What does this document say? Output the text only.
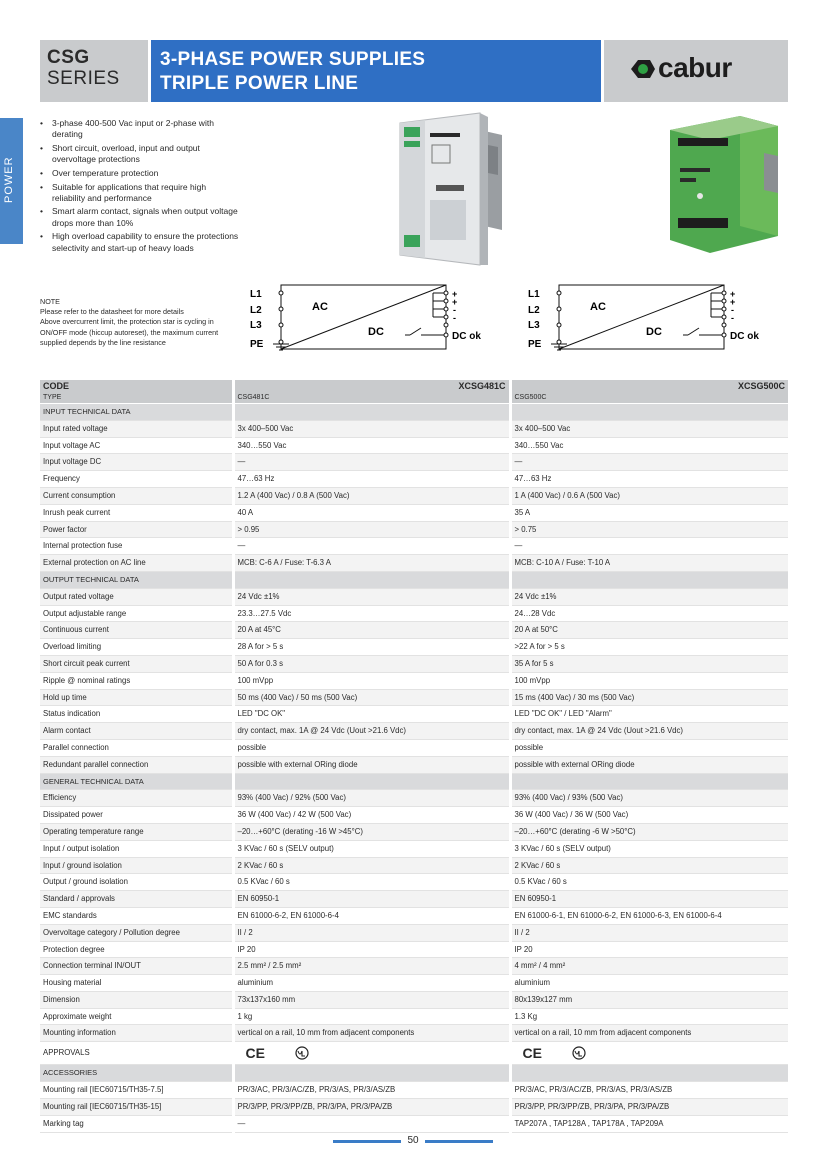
CSG
SERIES
3-PHASE POWER SUPPLIES
TRIPLE POWER LINE
cabur
POWER
• 3-phase 400-500 Vac input or 2-phase with derating
• Short circuit, overload, input and output overvoltage protections
• Over temperature protection
• Suitable for applications that require high reliability and performance
• Smart alarm contact, signals when output voltage drops more than 10%
• High overload capability to ensure the protections selectivity and start-up of heavy loads
NOTE
Please refer to the datasheet for more details
Above overcurrent limit, the protection star is cycling in
ON/OFF mode (hiccup autoreset), the maximum current
supplied depends by the line resistance
L1
L2
L3
PE
AC
DC
+
+
-
-
DC ok
L1
L2
L3
PE
AC
DC
+
+
-
-
DC ok
CODE	XCSG481C	XCSG500C
TYPE	CSG481C	CSG500C
INPUT TECHNICAL DATA		
Input rated voltage	3x 400–500 Vac	3x 400–500 Vac
Input voltage AC	340…550 Vac	340…550 Vac
Input voltage DC	—	—
Frequency	47…63 Hz	47…63 Hz
Current consumption	1.2 A (400 Vac) / 0.8 A (500 Vac)	1 A (400 Vac) / 0.6 A (500 Vac)
Inrush peak current	40 A	35 A
Power factor	> 0.95	> 0.75
Internal protection fuse	—	—
External protection on AC line	MCB: C-6 A / Fuse: T-6.3 A	MCB: C-10 A / Fuse: T-10 A
OUTPUT TECHNICAL DATA		
Output rated voltage	24 Vdc ±1%	24 Vdc ±1%
Output adjustable range	23.3…27.5 Vdc	24…28 Vdc
Continuous current	20 A at 45°C	20 A at 50°C
Overload limiting	28 A for > 5 s	>22 A for > 5 s
Short circuit peak current	50 A for 0.3 s	35 A for 5 s
Ripple @ nominal ratings	100 mVpp	100 mVpp
Hold up time	50 ms (400 Vac) / 50 ms (500 Vac)	15 ms (400 Vac) / 30 ms (500 Vac)
Status indication	LED "DC OK"	LED "DC OK" / LED "Alarm"
Alarm contact	dry contact, max. 1A @ 24 Vdc (Uout >21.6 Vdc)	dry contact, max. 1A @ 24 Vdc (Uout >21.6 Vdc)
Parallel connection	possible	possible
Redundant parallel connection	possible with external ORing diode	possible with external ORing diode
GENERAL TECHNICAL DATA		
Efficiency	93% (400 Vac) / 92% (500 Vac)	93% (400 Vac) / 93% (500 Vac)
Dissipated power	36 W (400 Vac) / 42 W (500 Vac)	36 W (400 Vac) / 36 W (500 Vac)
Operating temperature range	–20…+60°C (derating -16 W >45°C)	–20…+60°C (derating -6 W >50°C)
Input / output isolation	3 KVac / 60 s (SELV output)	3 KVac / 60 s (SELV output)
Input / ground isolation	2 KVac / 60 s	2 KVac / 60 s
Output / ground isolation	0.5 KVac / 60 s	0.5 KVac / 60 s
Standard / approvals	EN 60950-1	EN 60950-1
EMC standards	EN 61000-6-2, EN 61000-6-4	EN 61000-6-1, EN 61000-6-2, EN 61000-6-3, EN 61000-6-4
Overvoltage category / Pollution degree	II / 2	II / 2
Protection degree	IP 20	IP 20
Connection terminal IN/OUT	2.5 mm² / 2.5 mm²	4 mm² / 4 mm²
Housing material	aluminium	aluminium
Dimension	73x137x160 mm	80x139x127 mm
Approximate weight	1 kg	1.3 Kg
Mounting information	vertical on a rail, 10 mm from adjacent components	vertical on a rail, 10 mm from adjacent components
APPROVALS	CE	CE
ACCESSORIES		
Mounting rail [IEC60715/TH35-7.5]	PR/3/AC, PR/3/AC/ZB, PR/3/AS, PR/3/AS/ZB	PR/3/AC, PR/3/AC/ZB, PR/3/AS, PR/3/AS/ZB
Mounting rail [IEC60715/TH35-15]	PR/3/PP, PR/3/PP/ZB, PR/3/PA, PR/3/PA/ZB	PR/3/PP, PR/3/PP/ZB, PR/3/PA, PR/3/PA/ZB
Marking tag	—	TAP207A , TAP128A , TAP178A , TAP209A
50
